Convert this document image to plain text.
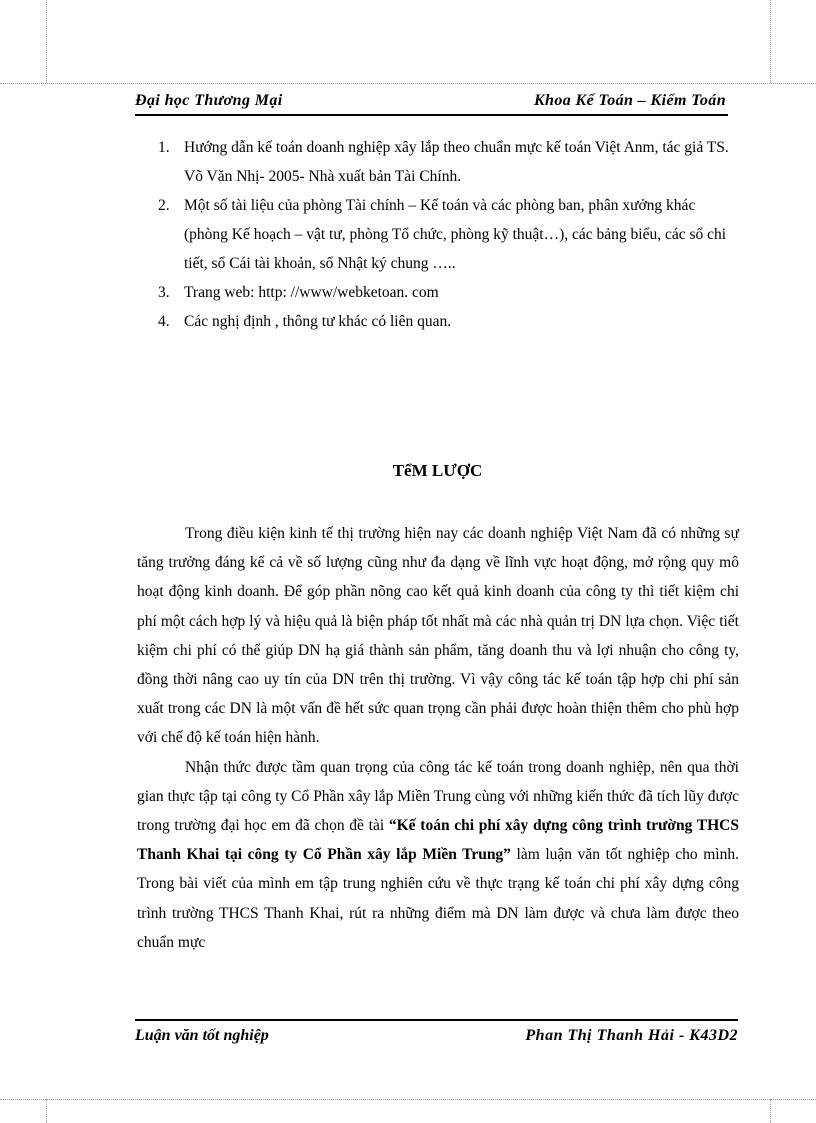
Đại học Thương Mại	Khoa Kế Toán – Kiểm Toán
1. Hướng dẫn kế toán doanh nghiệp xây lắp theo chuẩn mực kế toán Việt Anm, tác giả TS. Võ Văn Nhị- 2005- Nhà xuất bản Tài Chính.
2. Một số tài liệu của phòng Tài chính – Kế toán và các phòng ban, phân xưởng khác (phòng Kế hoạch – vật tư, phòng Tổ chức, phòng kỹ thuật…), các bảng biểu, các sổ chi tiết, sổ Cái tài khoản, sổ Nhật ký chung …..
3. Trang web: http: //www/webketoan. com
4. Các nghị định , thông tư khác có liên quan.
TểM LƯỢC

Trong điều kiện kinh tế thị trường hiện nay các doanh nghiệp Việt Nam đã có những sự tăng trưởng đáng kể cả về số lượng cũng như đa dạng về lĩnh vực hoạt động, mở rộng quy mô hoạt động kinh doanh. Để góp phần nõng cao kết quả kinh doanh của công ty thì tiết kiệm chi phí một cách hợp lý và hiệu quả là biện pháp tốt nhất mà các nhà quản trị DN lựa chọn. Việc tiết kiệm chi phí có thể giúp DN hạ giá thành sản phẩm, tăng doanh thu và lợi nhuận cho công ty, đồng thời nâng cao uy tín của DN trên thị trường. Vì vậy công tác kế toán tập hợp chi phí sản xuất trong các DN là một vấn đề hết sức quan trọng cần phải được hoàn thiện thêm cho phù hợp với chế độ kế toán hiện hành.

Nhận thức được tầm quan trọng của công tác kế toán trong doanh nghiệp, nên qua thời gian thực tập tại công ty Cổ Phần xây lắp Miền Trung cùng với những kiến thức đã tích lũy được trong trường đại học em đã chọn đề tài “Kế toán chi phí xây dựng công trình trường THCS Thanh Khai tại công ty Cổ Phần xây lắp Miền Trung” làm luận văn tốt nghiệp cho mình. Trong bài viết của mình em tập trung nghiên cứu về thực trạng kế toán chi phí xây dựng công trình trường THCS Thanh Khai, rút ra những điểm mà DN làm được và chưa làm được theo chuẩn mực

Luận văn tốt nghiệp	Phan Thị Thanh Hải - K43D2
